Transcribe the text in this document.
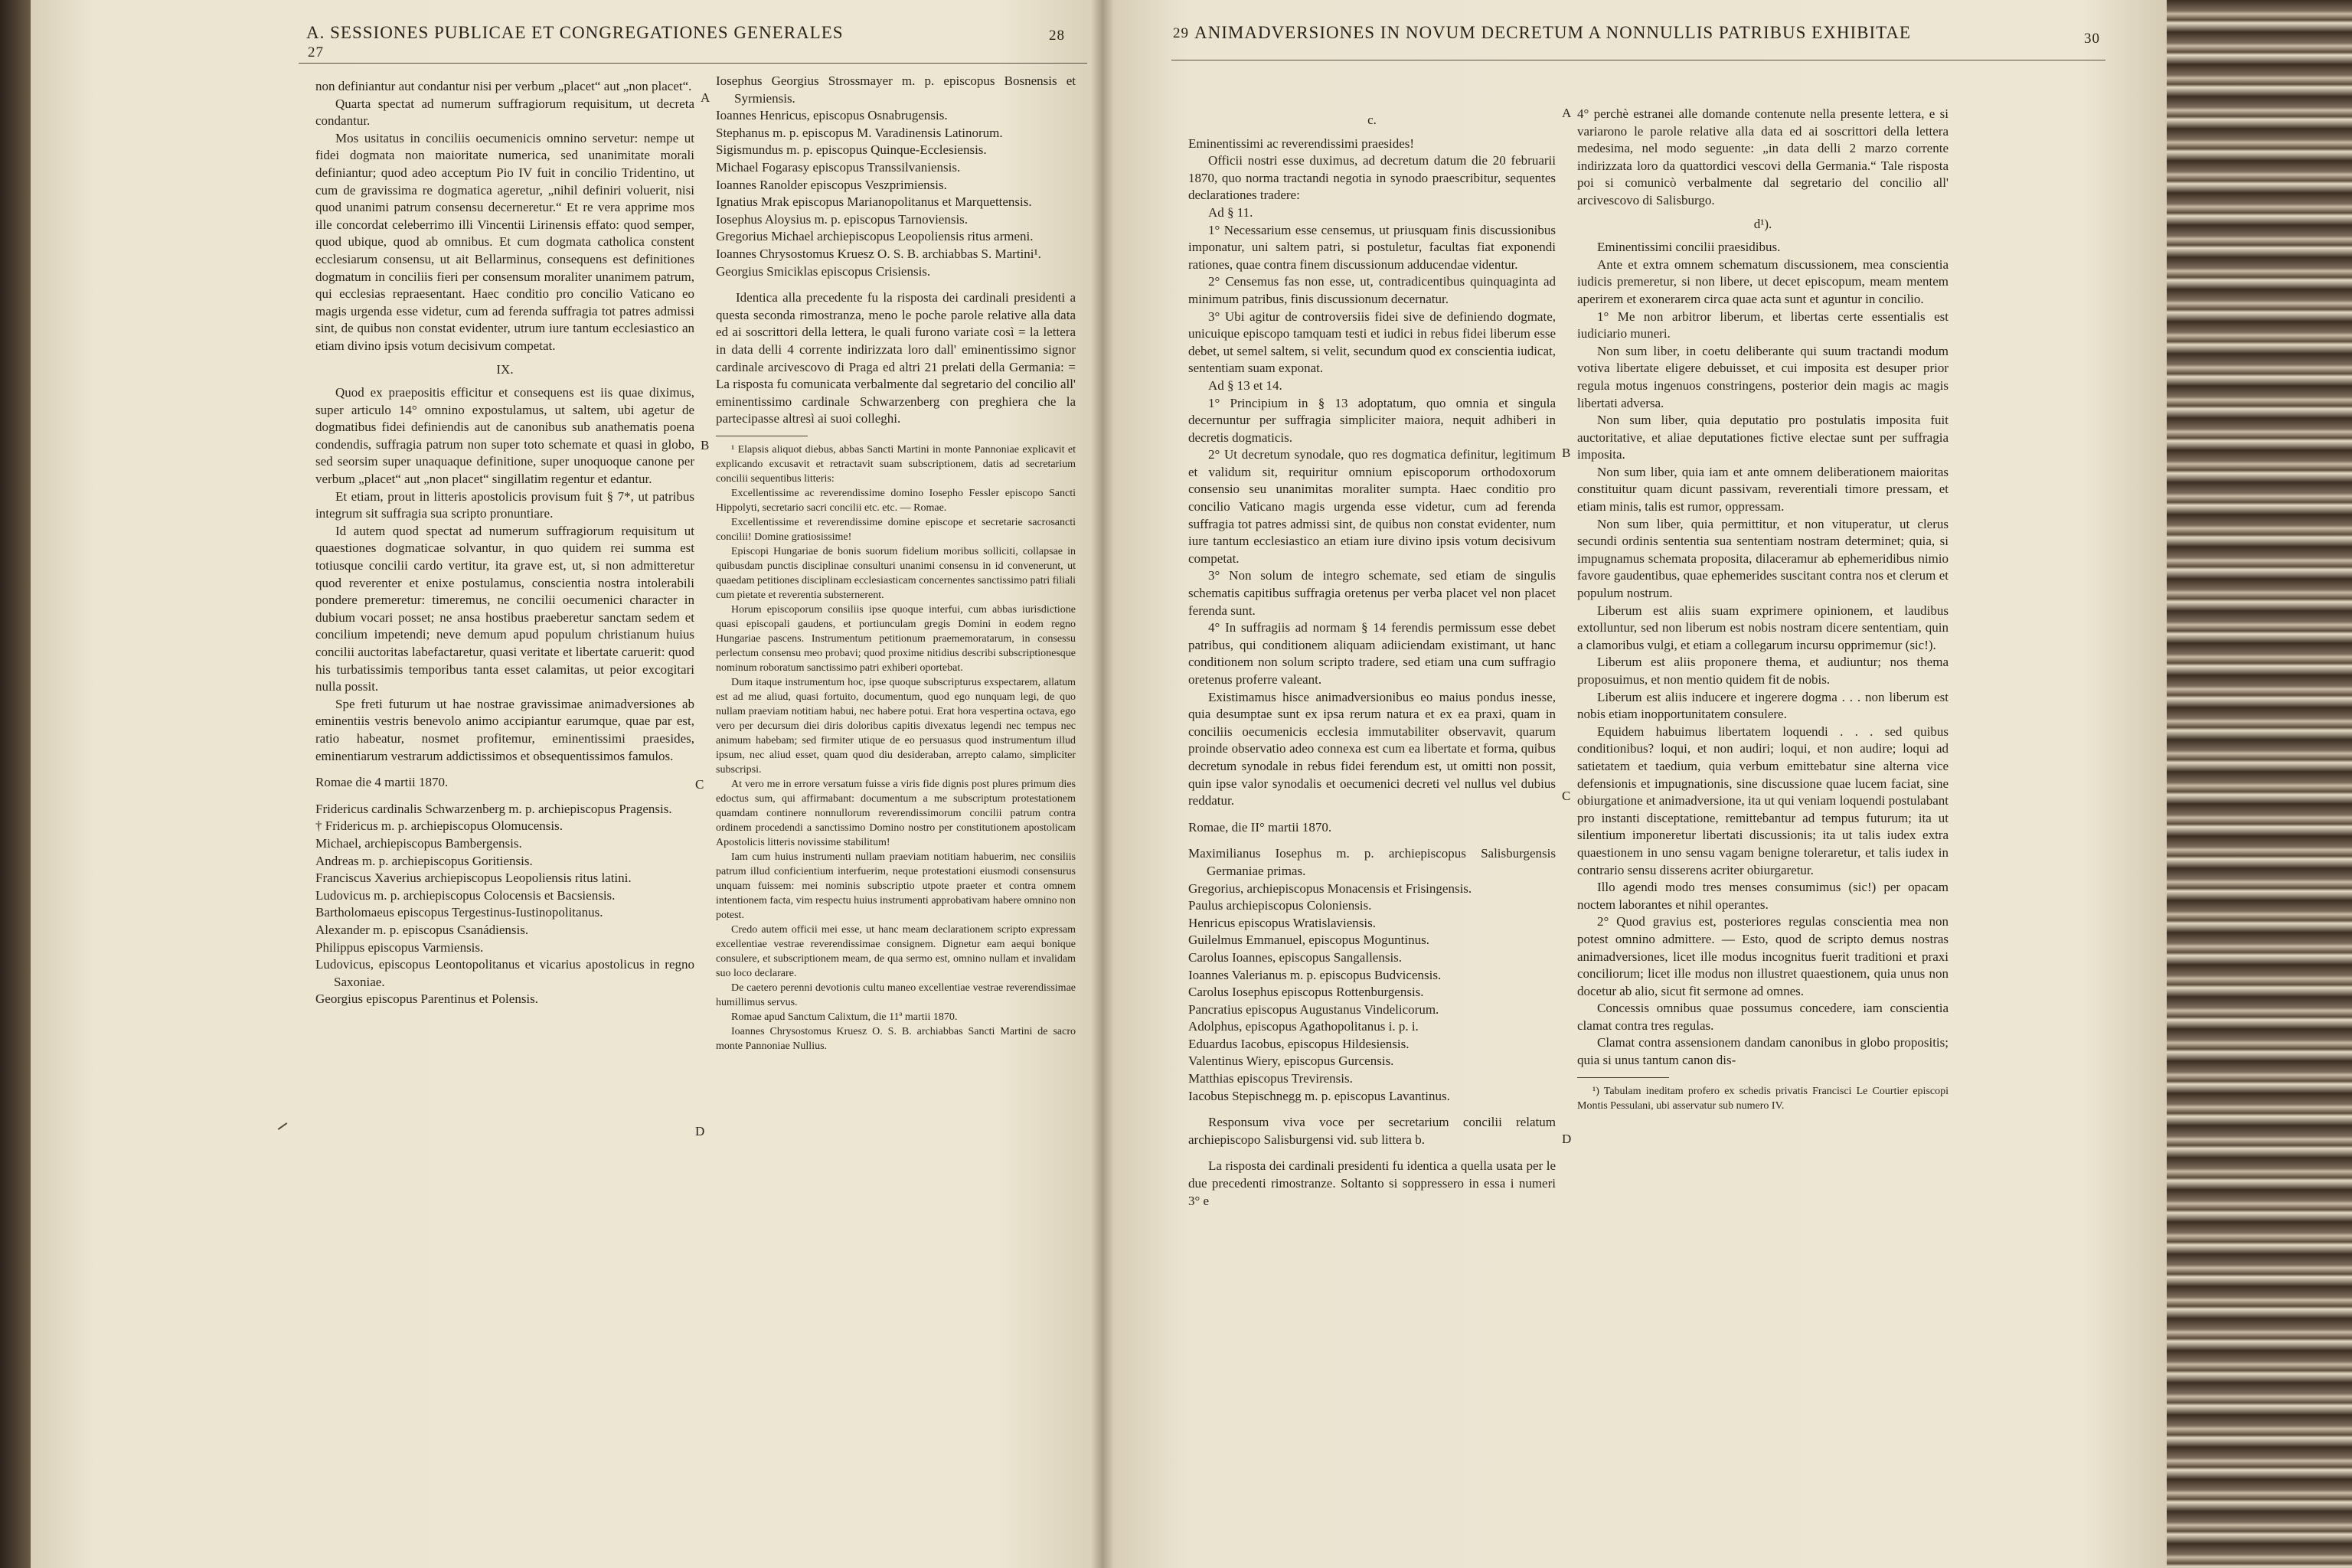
A. SESSIONES PUBLICAE ET CONGREGATIONES GENERALES
27
28

non definiantur aut condantur nisi per verbum „placet“ aut „non placet“.

Quarta spectat ad numerum suffragiorum requisitum, ut decreta condantur.

Mos usitatus in conciliis oecumenicis omnino servetur: nempe ut fidei dogmata non maioritate numerica, sed unanimitate morali definiantur; quod adeo acceptum Pio IV fuit in concilio Tridentino, ut cum de gravissima re dogmatica ageretur, „nihil definiri voluerit, nisi quod unanimi patrum consensu decerneretur.“ Et re vera apprime mos ille concordat celeberrimo illi Vincentii Lirinensis effato: quod semper, quod ubique, quod ab omnibus. Et cum dogmata catholica constent ecclesiarum consensu, ut ait Bellarminus, consequens est definitiones dogmatum in conciliis fieri per consensum moraliter unanimem patrum, qui ecclesias repraesentant. Haec conditio pro concilio Vaticano eo magis urgenda esse videtur, cum ad ferenda suffragia tot patres admissi sint, de quibus non constat evidenter, utrum iure tantum ecclesiastico an etiam divino ipsis votum decisivum competat.

IX.

Quod ex praepositis efficitur et consequens est iis quae diximus, super articulo 14° omnino expostulamus, ut saltem, ubi agetur de dogmatibus fidei definiendis aut de canonibus sub anathematis poena condendis, suffragia patrum non super toto schemate et quasi in globo, sed seorsim super unaquaque definitione, super unoquoque canone per verbum „placet“ aut „non placet“ singillatim regentur et edantur.

Et etiam, prout in litteris apostolicis provisum fuit § 7*, ut patribus integrum sit suffragia sua scripto pronuntiare.

Id autem quod spectat ad numerum suffragiorum requisitum ut quaestiones dogmaticae solvantur, in quo quidem rei summa est totiusque concilii cardo vertitur, ita grave est, ut, si non admitteretur quod reverenter et enixe postulamus, conscientia nostra intolerabili pondere premeretur: timeremus, ne concilii oecumenici character in dubium vocari posset; ne ansa hostibus praeberetur sanctam sedem et concilium impetendi; neve demum apud populum christianum huius concilii auctoritas labefactaretur, quasi veritate et libertate caruerit: quod his turbatissimis temporibus tanta esset calamitas, ut peior excogitari nulla possit.

Spe freti futurum ut hae nostrae gravissimae animadversiones ab eminentiis vestris benevolo animo accipiantur earumque, quae par est, ratio habeatur, nosmet profitemur, eminentissimi praesides, eminentiarum vestrarum addictissimos et obsequentissimos famulos.

Romae die 4 martii 1870.

Fridericus cardinalis Schwarzenberg m. p. archiepiscopus Pragensis.

† Fridericus m. p. archiepiscopus Olomucensis.

Michael, archiepiscopus Bambergensis.

Andreas m. p. archiepiscopus Goritiensis.

Franciscus Xaverius archiepiscopus Leopoliensis ritus latini.

Ludovicus m. p. archiepiscopus Colocensis et Bacsiensis.

Bartholomaeus episcopus Tergestinus-Iustinopolitanus.

Alexander m. p. episcopus Csanádiensis.

Philippus episcopus Varmiensis.

Ludovicus, episcopus Leontopolitanus et vicarius apostolicus in regno Saxoniae.

Georgius episcopus Parentinus et Polensis.

Iosephus Georgius Strossmayer m. p. episcopus Bosnensis et Syrmiensis.

Ioannes Henricus, episcopus Osnabrugensis.

Stephanus m. p. episcopus M. Varadinensis Latinorum.

Sigismundus m. p. episcopus Quinque-Ecclesiensis.

Michael Fogarasy episcopus Transsilvaniensis.

Ioannes Ranolder episcopus Veszprimiensis.

Ignatius Mrak episcopus Marianopolitanus et Marquettensis.

Iosephus Aloysius m. p. episcopus Tarnoviensis.

Gregorius Michael archiepiscopus Leopoliensis ritus armeni.

Ioannes Chrysostomus Kruesz O. S. B. archiabbas S. Martini¹.

Georgius Smiciklas episcopus Crisiensis.

Identica alla precedente fu la risposta dei cardinali presidenti a questa seconda rimostranza, meno le poche parole relative alla data ed ai soscrittori della lettera, le quali furono variate così = la lettera in data delli 4 corrente indirizzata loro dall' eminentissimo signor cardinale arcivescovo di Praga ed altri 21 prelati della Germania: = La risposta fu comunicata verbalmente dal segretario del concilio all' eminentissimo cardinale Schwarzenberg con preghiera che la partecipasse altresì ai suoi colleghi.

¹ Elapsis aliquot diebus, abbas Sancti Martini in monte Pannoniae explicavit et explicando excusavit et retractavit suam subscriptionem, datis ad secretarium concilii sequentibus litteris:

Excellentissime ac reverendissime domino Iosepho Fessler episcopo Sancti Hippolyti, secretario sacri concilii etc. etc. — Romae.

Excellentissime et reverendissime domine episcope et secretarie sacrosancti concilii! Domine gratiosissime!

Episcopi Hungariae de bonis suorum fidelium moribus solliciti, collapsae in quibusdam punctis disciplinae consulturi unanimi consensu in id convenerunt, ut quaedam petitiones disciplinam ecclesiasticam concernentes sanctissimo patri filiali cum pietate et reverentia substernerent.

Horum episcoporum consiliis ipse quoque interfui, cum abbas iurisdictione quasi episcopali gaudens, et portiunculam gregis Domini in eodem regno Hungariae pascens. Instrumentum petitionum praememoratarum, in consessu perlectum consensu meo probavi; quod proxime nitidius describi subscriptionesque nominum roboratum sanctissimo patri exhiberi oportebat.

Dum itaque instrumentum hoc, ipse quoque subscripturus exspectarem, allatum est ad me aliud, quasi fortuito, documentum, quod ego nunquam legi, de quo nullam praeviam notitiam habui, nec habere potui. Erat hora vespertina octava, ego vero per decursum diei diris doloribus capitis divexatus legendi nec tempus nec animum habebam; sed firmiter utique de eo persuasus quod instrumentum illud ipsum, nec aliud esset, quam quod diu desideraban, arrepto calamo, simpliciter subscripsi.

At vero me in errore versatum fuisse a viris fide dignis post plures primum dies edoctus sum, qui affirmabant: documentum a me subscriptum protestationem quamdam continere nonnullorum reverendissimorum concilii patrum contra ordinem procedendi a sanctissimo Domino nostro per constitutionem apostolicam Apostolicis litteris novissime stabilitum!

Iam cum huius instrumenti nullam praeviam notitiam habuerim, nec consiliis patrum illud conficientium interfuerim, neque protestationi eiusmodi consensurus unquam fuissem: mei nominis subscriptio utpote praeter et contra omnem intentionem facta, vim respectu huius instrumenti approbativam habere omnino non potest.

Credo autem officii mei esse, ut hanc meam declarationem scripto expressam excellentiae vestrae reverendissimae consignem. Dignetur eam aequi bonique consulere, et subscriptionem meam, de qua sermo est, omnino nullam et invalidam suo loco declarare.

De caetero perenni devotionis cultu maneo excellentiae vestrae reverendissimae humillimus servus.

Romae apud Sanctum Calixtum, die 11ª martii 1870.

Ioannes Chrysostomus Kruesz O. S. B. archiabbas Sancti Martini de sacro monte Pannoniae Nullius.

A
B
C
D
ANIMADVERSIONES IN NOVUM DECRETUM A NONNULLIS PATRIBUS EXHIBITAE
29	30

c.

Eminentissimi ac reverendissimi praesides!

Officii nostri esse duximus, ad decretum datum die 20 februarii 1870, quo norma tractandi negotia in synodo praescribitur, sequentes declarationes tradere:

Ad § 11.

1° Necessarium esse censemus, ut priusquam finis discussionibus imponatur, uni saltem patri, si postuletur, facultas fiat exponendi rationes, quae contra finem discussionum adducendae videntur.

2° Censemus fas non esse, ut, contradicentibus quinquaginta ad minimum patribus, finis discussionum decernatur.

3° Ubi agitur de controversiis fidei sive de definiendo dogmate, unicuique episcopo tamquam testi et iudici in rebus fidei liberum esse debet, ut semel saltem, si velit, secundum quod ex conscientia iudicat, sententiam suam exponat.

Ad § 13 et 14.

1° Principium in § 13 adoptatum, quo omnia et singula decernuntur per suffragia simpliciter maiora, nequit adhiberi in decretis dogmaticis.

2° Ut decretum synodale, quo res dogmatica definitur, legitimum et validum sit, requiritur omnium episcoporum orthodoxorum consensio seu unanimitas moraliter sumpta. Haec conditio pro concilio Vaticano magis urgenda esse videtur, cum ad ferenda suffragia tot patres admissi sint, de quibus non constat evidenter, num iure tantum ecclesiastico an etiam iure divino ipsis votum decisivum competat.

3° Non solum de integro schemate, sed etiam de singulis schematis capitibus suffragia oretenus per verba placet vel non placet ferenda sunt.

4° In suffragiis ad normam § 14 ferendis permissum esse debet patribus, qui conditionem aliquam adiiciendam existimant, ut hanc conditionem non solum scripto tradere, sed etiam una cum suffragio oretenus proferre valeant.

Existimamus hisce animadversionibus eo maius pondus inesse, quia desumptae sunt ex ipsa rerum natura et ex ea praxi, quam in conciliis oecumenicis ecclesia immutabiliter observavit, quarum proinde observatio adeo connexa est cum ea libertate et forma, quibus decretum synodale in rebus fidei ferendum est, ut omitti non possit, quin ipse valor synodalis et oecumenici decreti vel nullus vel dubius reddatur.

Romae, die II° martii 1870.

Maximilianus Iosephus m. p. archiepiscopus Salisburgensis Germaniae primas.

Gregorius, archiepiscopus Monacensis et Frisingensis.

Paulus archiepiscopus Coloniensis.

Henricus episcopus Wratislaviensis.

Guilelmus Emmanuel, episcopus Moguntinus.

Carolus Ioannes, episcopus Sangallensis.

Ioannes Valerianus m. p. episcopus Budvicensis.

Carolus Iosephus episcopus Rottenburgensis.

Pancratius episcopus Augustanus Vindelicorum.

Adolphus, episcopus Agathopolitanus i. p. i.

Eduardus Iacobus, episcopus Hildesiensis.

Valentinus Wiery, episcopus Gurcensis.

Matthias episcopus Trevirensis.

Iacobus Stepischnegg m. p. episcopus Lavantinus.

Responsum viva voce per secretarium concilii relatum archiepiscopo Salisburgensi vid. sub littera b.

La risposta dei cardinali presidenti fu identica a quella usata per le due precedenti rimostranze. Soltanto si soppressero in essa i numeri 3° e

4° perchè estranei alle domande contenute nella presente lettera, e si variarono le parole relative alla data ed ai soscrittori della lettera medesima, nel modo seguente: „in data delli 2 marzo corrente indirizzata loro da quattordici vescovi della Germania.“ Tale risposta poi si comunicò verbalmente dal segretario del concilio all' arcivescovo di Salisburgo.

d¹).

Eminentissimi concilii praesidibus.

Ante et extra omnem schematum discussionem, mea conscientia iudicis premeretur, si non libere, ut decet episcopum, meam mentem aperirem et exonerarem circa quae acta sunt et aguntur in concilio.

1° Me non arbitror liberum, et libertas certe essentialis est iudiciario muneri.

Non sum liber, in coetu deliberante qui suum tractandi modum votiva libertate eligere debuisset, et cui imposita est desuper prior regula motus ingenuos constringens, posterior dein magis ac magis libertati adversa.

Non sum liber, quia deputatio pro postulatis imposita fuit auctoritative, et aliae deputationes fictive electae sunt per suffragia imposita.

Non sum liber, quia iam et ante omnem deliberationem maioritas constituitur quam dicunt passivam, reverentiali timore pressam, et etiam minis, talis est rumor, oppressam.

Non sum liber, quia permittitur, et non vituperatur, ut clerus secundi ordinis sententia sua sententiam nostram determinet; quia, si impugnamus schemata proposita, dilaceramur ab ephemeridibus nimio favore gaudentibus, quae ephemerides suscitant contra nos et clerum et populum nostrum.

Liberum est aliis suam exprimere opinionem, et laudibus extolluntur, sed non liberum est nobis nostram dicere sententiam, quin a clamoribus vulgi, et etiam a collegarum incursu opprimemur (sic!).

Liberum est aliis proponere thema, et audiuntur; nos thema proposuimus, et non mentio quidem fit de nobis.

Liberum est aliis inducere et ingerere dogma . . . non liberum est nobis etiam inopportunitatem consulere.

Equidem habuimus libertatem loquendi . . . sed quibus conditionibus? loqui, et non audiri; loqui, et non audire; loqui ad satietatem et taedium, quia verbum emittebatur sine alterna vice defensionis et impugnationis, sine discussione quae lucem faciat, sine obiurgatione et animadversione, ita ut qui veniam loquendi postulabant pro instanti disceptatione, remittebantur ad tempus futurum; ita ut silentium imponeretur libertati discussionis; ita ut talis iudex extra quaestionem in uno sensu vagam benigne toleraretur, et talis iudex in contrario sensu disserens acriter obiurgaretur.

Illo agendi modo tres menses consumimus (sic!) per opacam noctem laborantes et nihil operantes.

2° Quod gravius est, posteriores regulas conscientia mea non potest omnino admittere. — Esto, quod de scripto demus nostras animadversiones, licet ille modus incognitus fuerit traditioni et praxi conciliorum; licet ille modus non illustret quaestionem, quia unus non docetur ab alio, sicut fit sermone ad omnes.

Concessis omnibus quae possumus concedere, iam conscientia clamat contra tres regulas.

Clamat contra assensionem dandam canonibus in globo propositis; quia si unus tantum canon dis-

¹) Tabulam ineditam profero ex schedis privatis Francisci Le Courtier episcopi Montis Pessulani, ubi asservatur sub numero IV.

A
B
C
D
